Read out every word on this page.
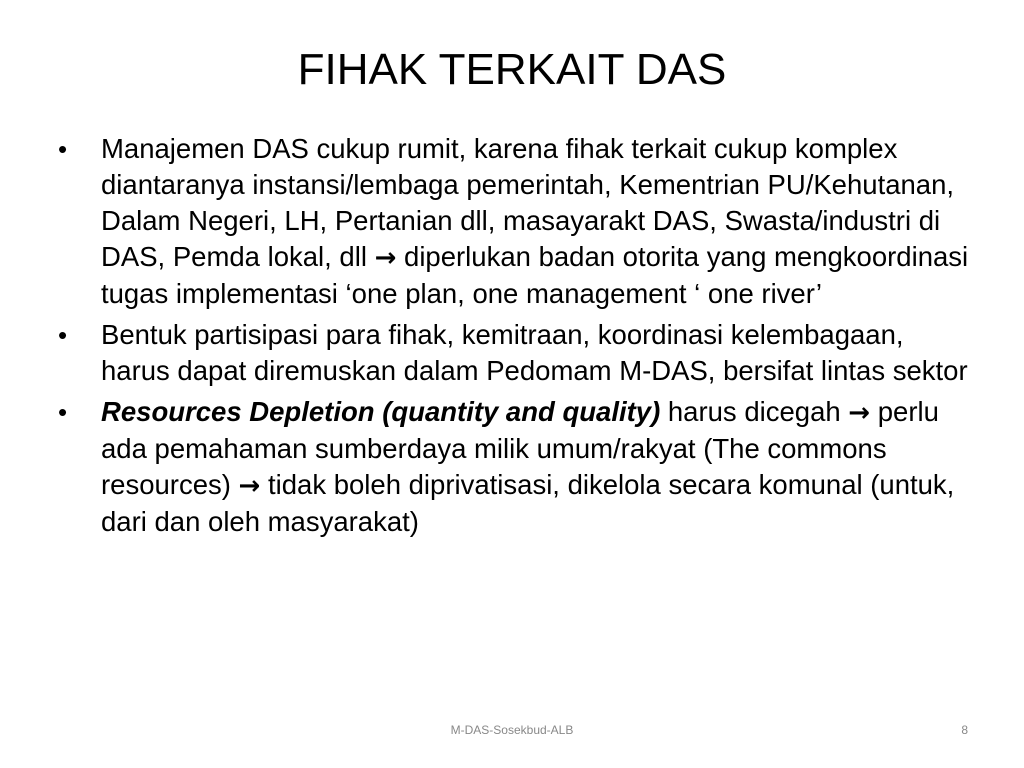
FIHAK TERKAIT DAS
•	Manajemen DAS cukup rumit, karena fihak terkait cukup komplex diantaranya instansi/lembaga pemerintah, Kementrian PU/Kehutanan, Dalam Negeri, LH, Pertanian dll, masayarakt DAS, Swasta/industri di DAS, Pemda lokal, dll → diperlukan badan otorita yang mengkoordinasi tugas implementasi ‘one plan, one management ‘ one river’
•	Bentuk partisipasi para fihak, kemitraan, koordinasi kelembagaan, harus dapat diremuskan dalam Pedomam M-DAS, bersifat lintas sektor
•	Resources Depletion (quantity and quality) harus dicegah → perlu ada pemahaman sumberdaya milik umum/rakyat (The commons resources) → tidak boleh diprivatisasi, dikelola secara komunal (untuk, dari dan oleh masyarakat)
M-DAS-Sosekbud-ALB	8
